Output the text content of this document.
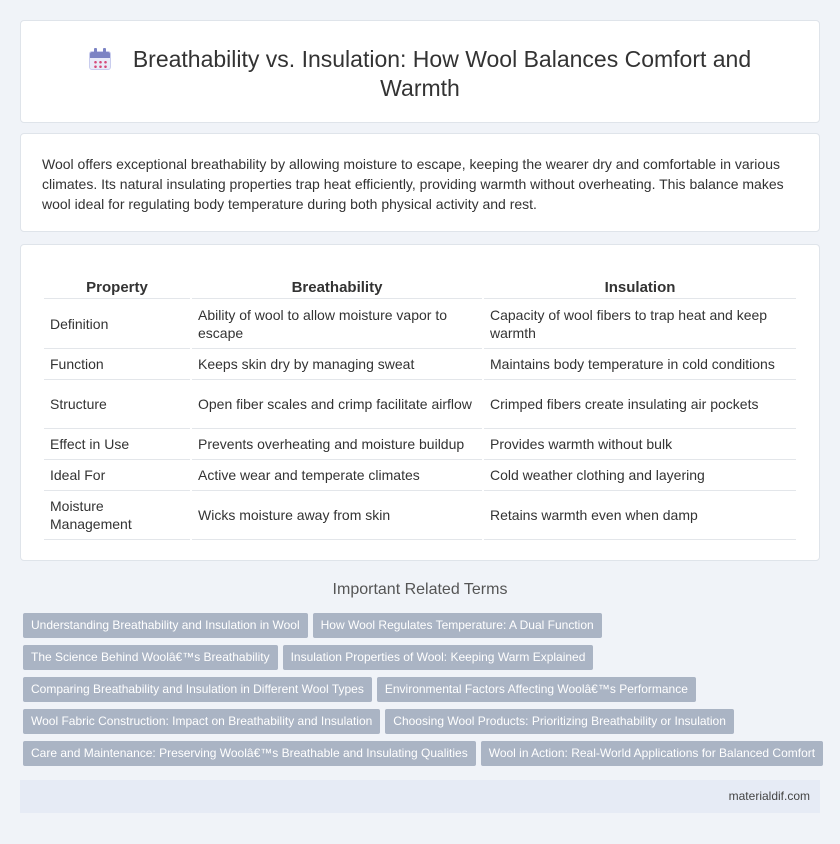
Breathability vs. Insulation: How Wool Balances Comfort and Warmth

Wool offers exceptional breathability by allowing moisture to escape, keeping the wearer dry and comfortable in various climates. Its natural insulating properties trap heat efficiently, providing warmth without overheating. This balance makes wool ideal for regulating body temperature during both physical activity and rest.

Property	Breathability	Insulation
Definition	Ability of wool to allow moisture vapor to escape	Capacity of wool fibers to trap heat and keep warmth
Function	Keeps skin dry by managing sweat	Maintains body temperature in cold conditions
Structure	Open fiber scales and crimp facilitate airflow	Crimped fibers create insulating air pockets
Effect in Use	Prevents overheating and moisture buildup	Provides warmth without bulk
Ideal For	Active wear and temperate climates	Cold weather clothing and layering
Moisture Management	Wicks moisture away from skin	Retains warmth even when damp
Important Related Terms
Understanding Breathability and Insulation in Wool How Wool Regulates Temperature: A Dual Function
The Science Behind Woolâ€™s Breathability Insulation Properties of Wool: Keeping Warm Explained
Comparing Breathability and Insulation in Different Wool Types Environmental Factors Affecting Woolâ€™s Performance
Wool Fabric Construction: Impact on Breathability and Insulation Choosing Wool Products: Prioritizing Breathability or Insulation
Care and Maintenance: Preserving Woolâ€™s Breathable and Insulating Qualities Wool in Action: Real-World Applications for Balanced Comfort
materialdif.com
